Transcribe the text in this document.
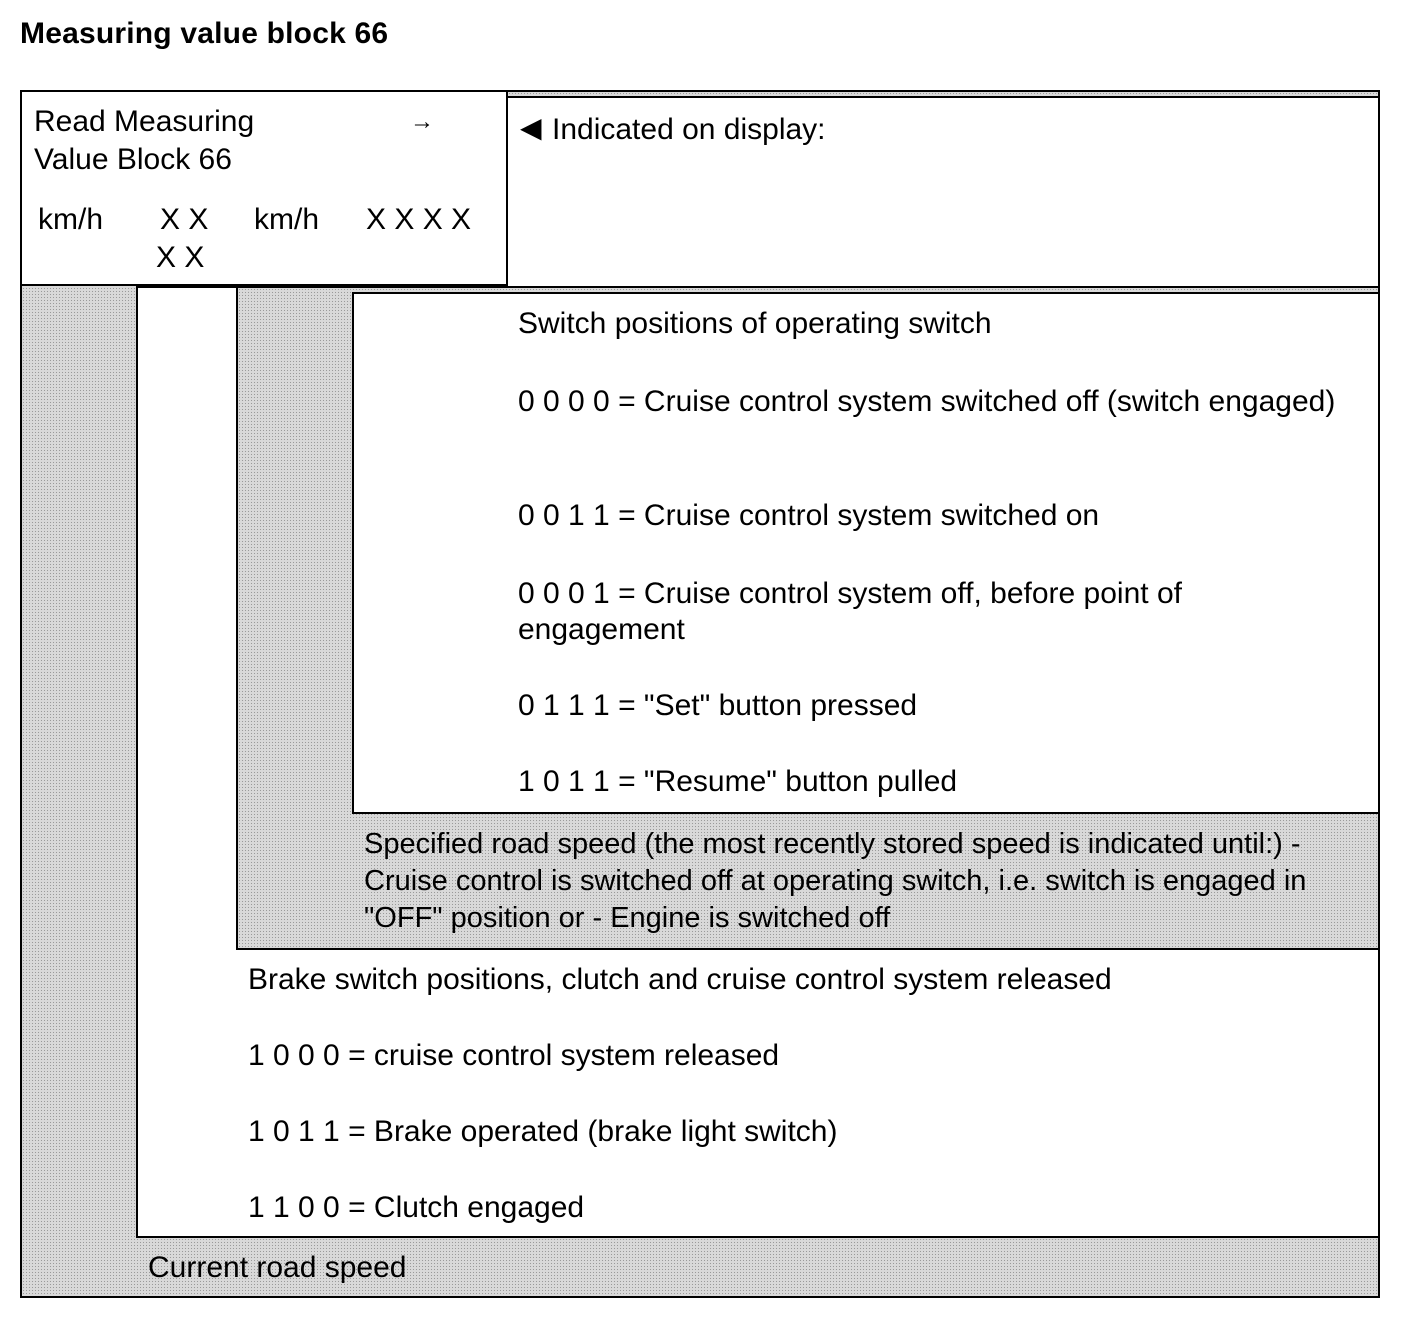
Measuring value block 66
Read Measuring
Value Block 66
→
km/h X X
X X
km/h X X X X
◀ Indicated on display:
Switch positions of operating switch
0 0 0 0 = Cruise control system switched off (switch engaged)
0 0 1 1 = Cruise control system switched on
0 0 0 1 = Cruise control system off, before point of engagement
0 1 1 1 = "Set" button pressed
1 0 1 1 = "Resume" button pulled
Specified road speed (the most recently stored speed is indicated until:) - Cruise control is switched off at operating switch, i.e. switch is engaged in "OFF" position or - Engine is switched off
Brake switch positions, clutch and cruise control system released
1 0 0 0 = cruise control system released
1 0 1 1 = Brake operated (brake light switch)
1 1 0 0 = Clutch engaged
Current road speed
